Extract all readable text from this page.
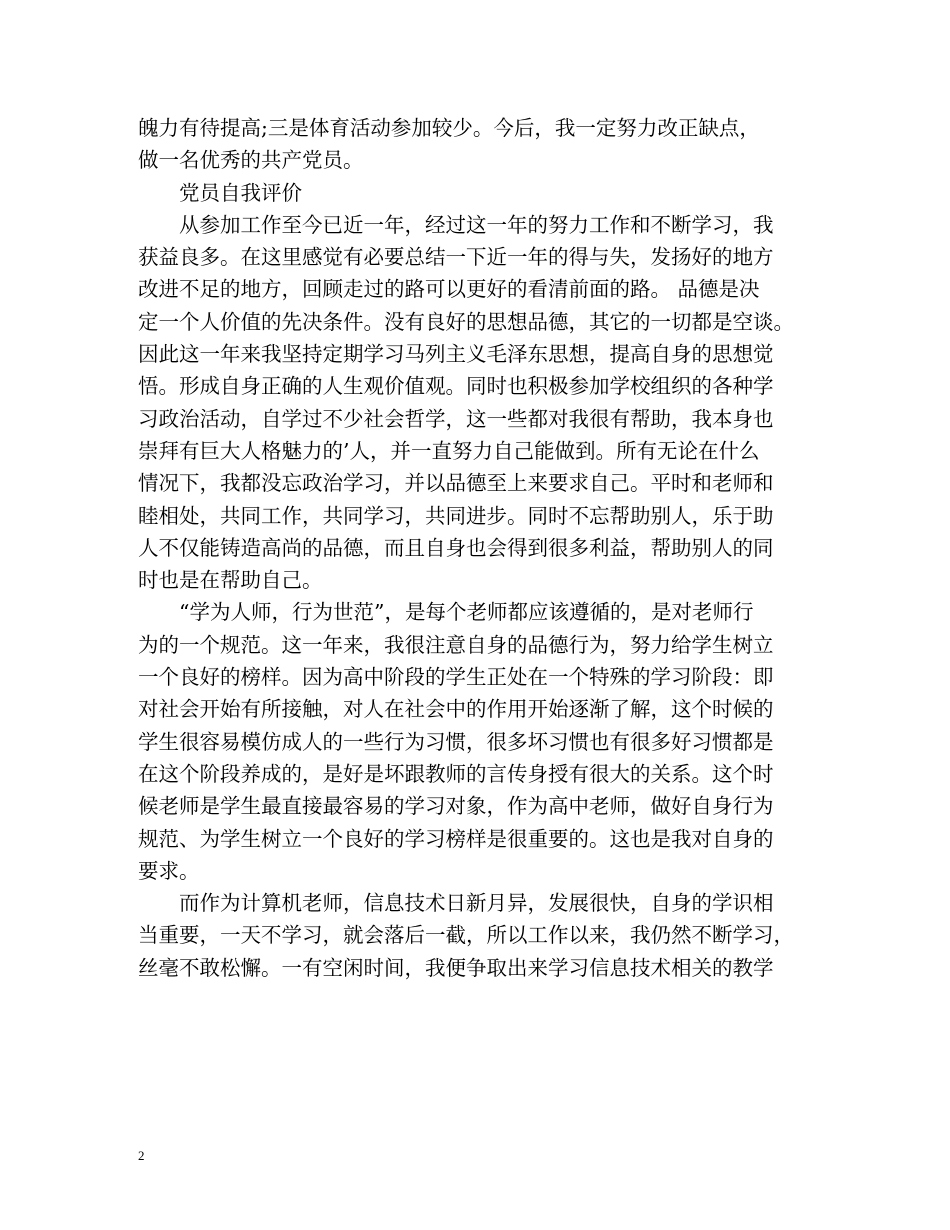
魄力有待提高;三是体育活动参加较少。今后，我一定努力改正缺点，
做一名优秀的共产党员。
党员自我评价
从参加工作至今已近一年，经过这一年的努力工作和不断学习，我
获益良多。在这里感觉有必要总结一下近一年的得与失，发扬好的地方
改进不足的地方，回顾走过的路可以更好的看清前面的路。 品德是决
定一个人价值的先决条件。没有良好的思想品德，其它的一切都是空谈。
因此这一年来我坚持定期学习马列主义毛泽东思想，提高自身的思想觉
悟。形成自身正确的人生观价值观。同时也积极参加学校组织的各种学
习政治活动，自学过不少社会哲学，这一些都对我很有帮助，我本身也
崇拜有巨大人格魅力的’人，并一直努力自己能做到。所有无论在什么
情况下，我都没忘政治学习，并以品德至上来要求自己。平时和老师和
睦相处，共同工作，共同学习，共同进步。同时不忘帮助别人，乐于助
人不仅能铸造高尚的品德，而且自身也会得到很多利益，帮助别人的同
时也是在帮助自己。
“学为人师，行为世范”，是每个老师都应该遵循的，是对老师行
为的一个规范。这一年来，我很注意自身的品德行为，努力给学生树立
一个良好的榜样。因为高中阶段的学生正处在一个特殊的学习阶段：即
对社会开始有所接触，对人在社会中的作用开始逐渐了解，这个时候的
学生很容易模仿成人的一些行为习惯，很多坏习惯也有很多好习惯都是
在这个阶段养成的，是好是坏跟教师的言传身授有很大的关系。这个时
候老师是学生最直接最容易的学习对象，作为高中老师，做好自身行为
规范、为学生树立一个良好的学习榜样是很重要的。这也是我对自身的
要求。
而作为计算机老师，信息技术日新月异，发展很快，自身的学识相
当重要，一天不学习，就会落后一截，所以工作以来，我仍然不断学习，
丝毫不敢松懈。一有空闲时间，我便争取出来学习信息技术相关的教学
2
